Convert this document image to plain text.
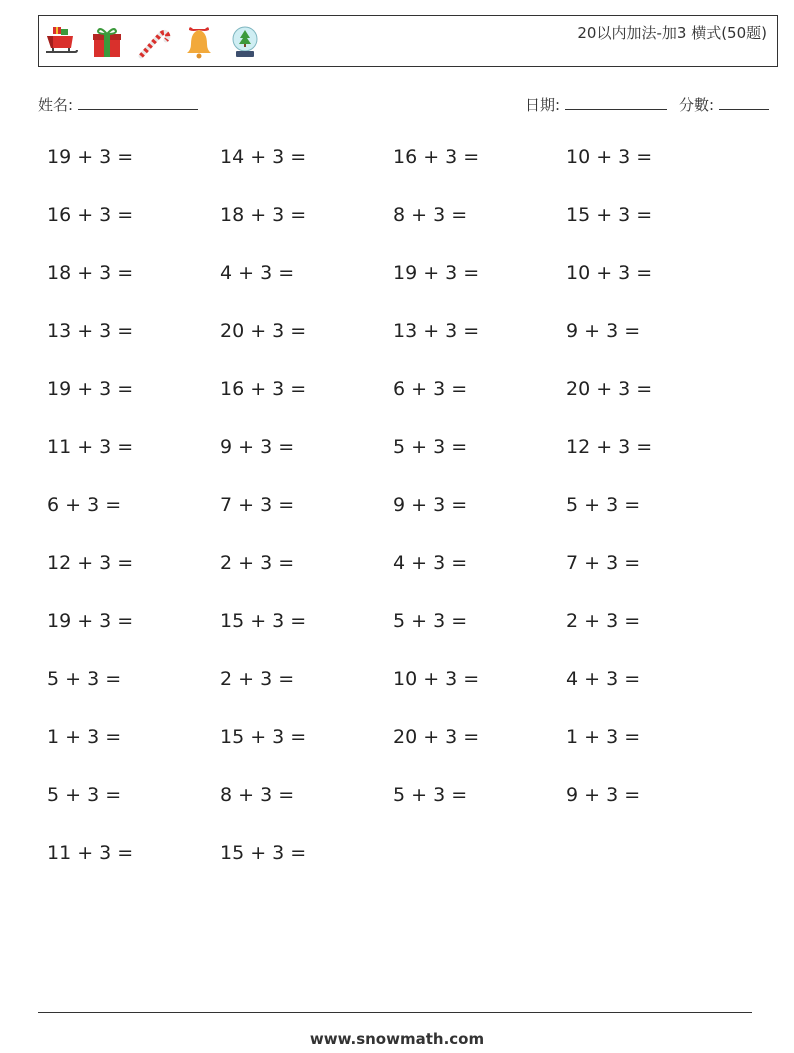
20以内加法-加3 横式(50题)
姓名:	日期:	分數:
19 + 3 =	14 + 3 =	16 + 3 =	10 + 3 =
16 + 3 =	18 + 3 =	8 + 3 =	15 + 3 =
18 + 3 =	4 + 3 =	19 + 3 =	10 + 3 =
13 + 3 =	20 + 3 =	13 + 3 =	9 + 3 =
19 + 3 =	16 + 3 =	6 + 3 =	20 + 3 =
11 + 3 =	9 + 3 =	5 + 3 =	12 + 3 =
6 + 3 =	7 + 3 =	9 + 3 =	5 + 3 =
12 + 3 =	2 + 3 =	4 + 3 =	7 + 3 =
19 + 3 =	15 + 3 =	5 + 3 =	2 + 3 =
5 + 3 =	2 + 3 =	10 + 3 =	4 + 3 =
1 + 3 =	15 + 3 =	20 + 3 =	1 + 3 =
5 + 3 =	8 + 3 =	5 + 3 =	9 + 3 =
11 + 3 =	15 + 3 =
www.snowmath.com
